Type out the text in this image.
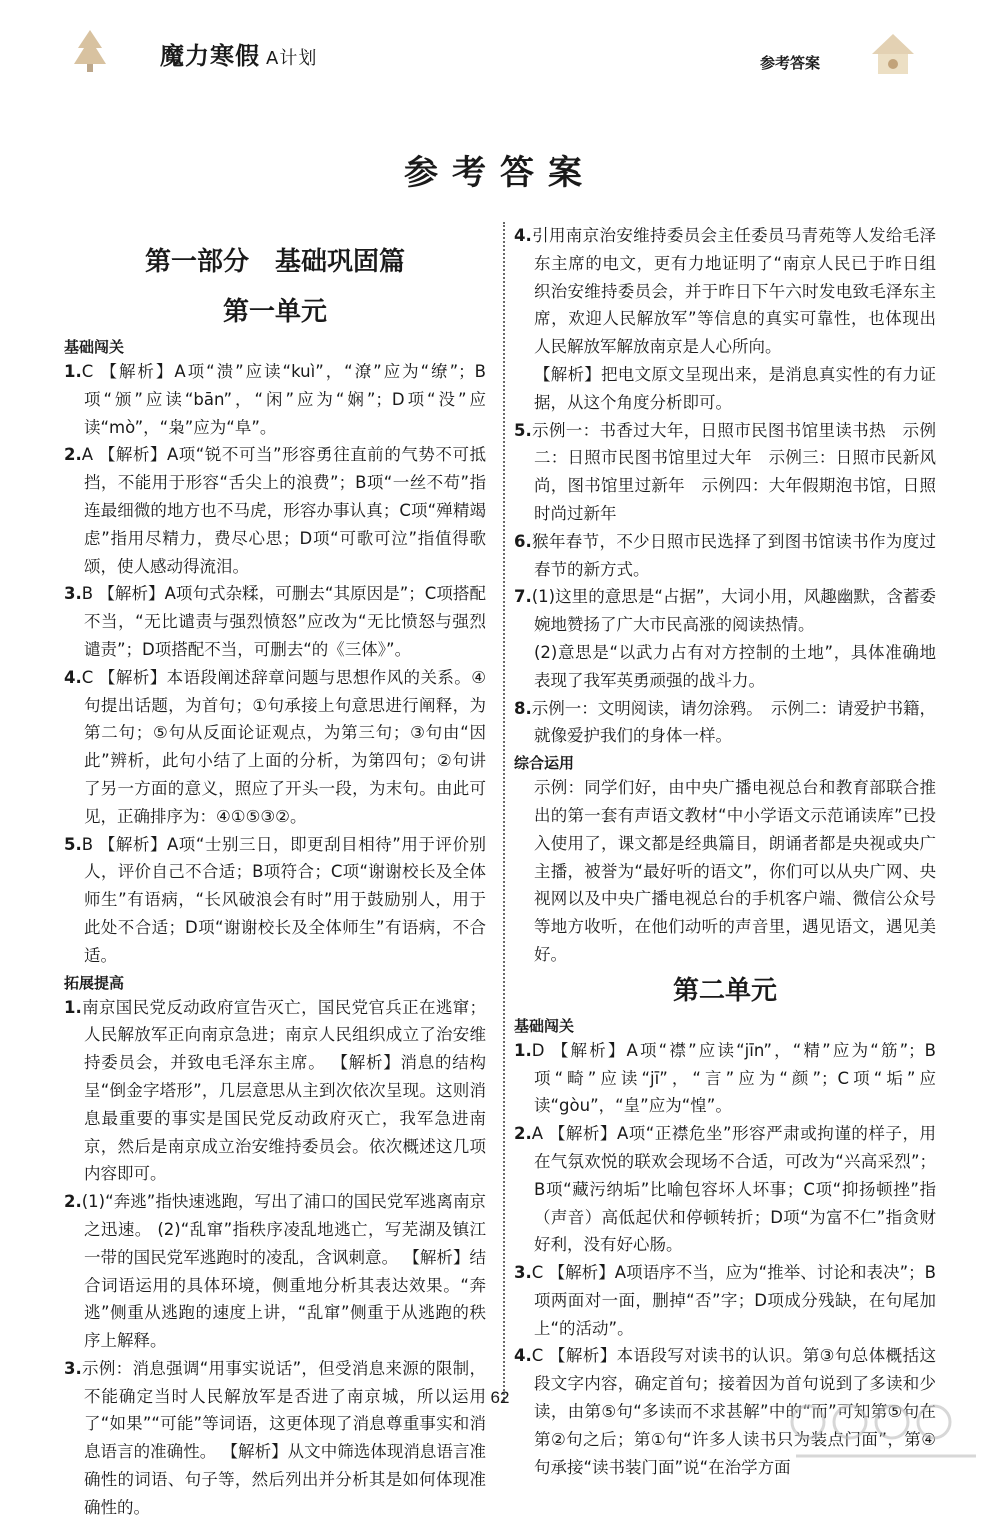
魔力寒假 A计划	参考答案
参考答案
第一部分　基础巩固篇
第一单元
基础闯关

1.C 【解析】A项“溃”应读“kuì”，“潦”应为“缭”；B项“颁”应读“bān”，“闲”应为“娴”；D项“没”应读“mò”，“枭”应为“阜”。

2.A 【解析】A项“锐不可当”形容勇往直前的气势不可抵挡，不能用于形容“舌尖上的浪费”；B项“一丝不苟”指连最细微的地方也不马虎，形容办事认真；C项“殚精竭虑”指用尽精力，费尽心思；D项“可歌可泣”指值得歌颂，使人感动得流泪。

3.B 【解析】A项句式杂糅，可删去“其原因是”；C项搭配不当，“无比谴责与强烈愤怒”应改为“无比愤怒与强烈谴责”；D项搭配不当，可删去“的《三体》”。

4.C 【解析】本语段阐述辞章问题与思想作风的关系。④句提出话题，为首句；①句承接上句意思进行阐释，为第二句；⑤句从反面论证观点，为第三句；③句由“因此”辨析，此句小结了上面的分析，为第四句；②句讲了另一方面的意义，照应了开头一段，为末句。由此可见，正确排序为：④①⑤③②。

5.B 【解析】A项“士别三日，即更刮目相待”用于评价别人，评价自己不合适；B项符合；C项“谢谢校长及全体师生”有语病，“长风破浪会有时”用于鼓励别人，用于此处不合适；D项“谢谢校长及全体师生”有语病，不合适。

拓展提高

1.南京国民党反动政府宣告灭亡，国民党官兵正在逃窜；人民解放军正向南京急进；南京人民组织成立了治安维持委员会，并致电毛泽东主席。 【解析】消息的结构呈“倒金字塔形”，几层意思从主到次依次呈现。这则消息最重要的事实是国民党反动政府灭亡，我军急进南京，然后是南京成立治安维持委员会。依次概述这几项内容即可。

2.(1)“奔逃”指快速逃跑，写出了浦口的国民党军逃离南京之迅速。 (2)“乱窜”指秩序凌乱地逃亡，写芜湖及镇江一带的国民党军逃跑时的凌乱，含讽刺意。 【解析】结合词语运用的具体环境，侧重地分析其表达效果。“奔逃”侧重从逃跑的速度上讲，“乱窜”侧重于从逃跑的秩序上解释。

3.示例：消息强调“用事实说话”，但受消息来源的限制，不能确定当时人民解放军是否进了南京城，所以运用了“如果”“可能”等词语，这更体现了消息尊重事实和消息语言的准确性。 【解析】从文中筛选体现消息语言准确性的词语、句子等，然后列出并分析其是如何体现准确性的。

4.引用南京治安维持委员会主任委员马青苑等人发给毛泽东主席的电文，更有力地证明了“南京人民已于昨日组织治安维持委员会，并于昨日下午六时发电致毛泽东主席，欢迎人民解放军”等信息的真实可靠性，也体现出人民解放军解放南京是人心所向。

【解析】把电文原文呈现出来，是消息真实性的有力证据，从这个角度分析即可。

5.示例一：书香过大年，日照市民图书馆里读书热　示例二：日照市民图书馆里过大年　示例三：日照市民新风尚，图书馆里过新年　示例四：大年假期泡书馆，日照时尚过新年

6.猴年春节，不少日照市民选择了到图书馆读书作为度过春节的新方式。

7.(1)这里的意思是“占据”，大词小用，风趣幽默，含蓄委婉地赞扬了广大市民高涨的阅读热情。

(2)意思是“以武力占有对方控制的土地”，具体准确地表现了我军英勇顽强的战斗力。

8.示例一：文明阅读，请勿涂鸦。　示例二：请爱护书籍，就像爱护我们的身体一样。

综合运用

示例：同学们好，由中央广播电视总台和教育部联合推出的第一套有声语文教材“中小学语文示范诵读库”已投入使用了，课文都是经典篇目，朗诵者都是央视或央广主播，被誉为“最好听的语文”，你们可以从央广网、央视网以及中央广播电视总台的手机客户端、微信公众号等地方收听，在他们动听的声音里，遇见语文，遇见美好。

第二单元
基础闯关

1.D 【解析】A项“襟”应读“jīn”，“精”应为“筋”；B项“畸”应读“jī”，“言”应为“颜”；C项“垢”应读“gòu”，“皇”应为“惶”。

2.A 【解析】A项“正襟危坐”形容严肃或拘谨的样子，用在气氛欢悦的联欢会现场不合适，可改为“兴高采烈”；B项“藏污纳垢”比喻包容坏人坏事；C项“抑扬顿挫”指（声音）高低起伏和停顿转折；D项“为富不仁”指贪财好利，没有好心肠。

3.C 【解析】A项语序不当，应为“推举、讨论和表决”；B项两面对一面，删掉“否”字；D项成分残缺，在句尾加上“的活动”。

4.C 【解析】本语段写对读书的认识。第③句总体概括这段文字内容，确定首句；接着因为首句说到了多读和少读，由第⑤句“多读而不求甚解”中的“而”可知第⑤句在第②句之后；第①句“许多人读书只为装点门面”，第④句承接“读书装门面”说“在治学方面

62
